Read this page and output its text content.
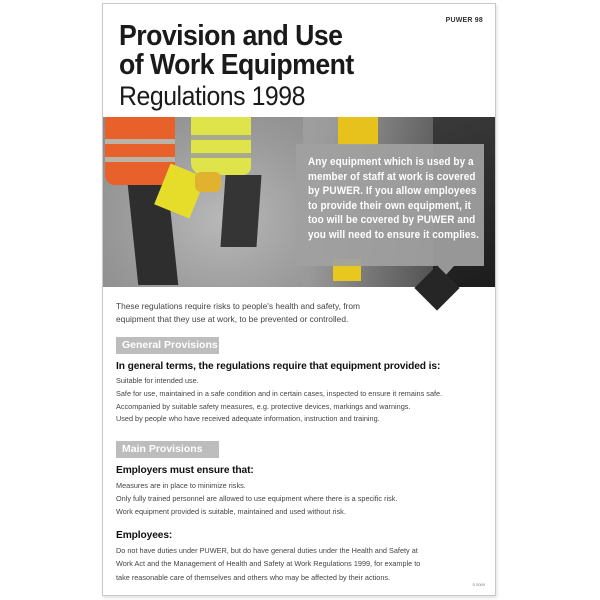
PUWER 98
Provision and Use
of Work Equipment
Regulations 1998
Any equipment which is used by a member of staff at work is covered by PUWER. If you allow employees to provide their own equipment, it too will be covered by PUWER and you will need to ensure it complies.
These regulations require risks to people's health and safety, from
equipment that they use at work, to be prevented or controlled.
General Provisions
In general terms, the regulations require that equipment provided is:
Suitable for intended use.
Safe for use, maintained in a safe condition and in certain cases, inspected to ensure it remains safe.
Accompanied by suitable safety measures, e.g. protective devices, markings and warnings.
Used by people who have received adequate information, instruction and training.
Main Provisions
Employers must ensure that:
Measures are in place to minimize risks.
Only fully trained personnel are allowed to use equipment where there is a specific risk.
Work equipment provided is suitable, maintained and used without risk.
Employees:
Do not have duties under PUWER, but do have general duties under the Health and Safety at
Work Act and the Management of Health and Safety at Work Regulations 1999, for example to
take reasonable care of themselves and others who may be affected by their actions.
S 0000
